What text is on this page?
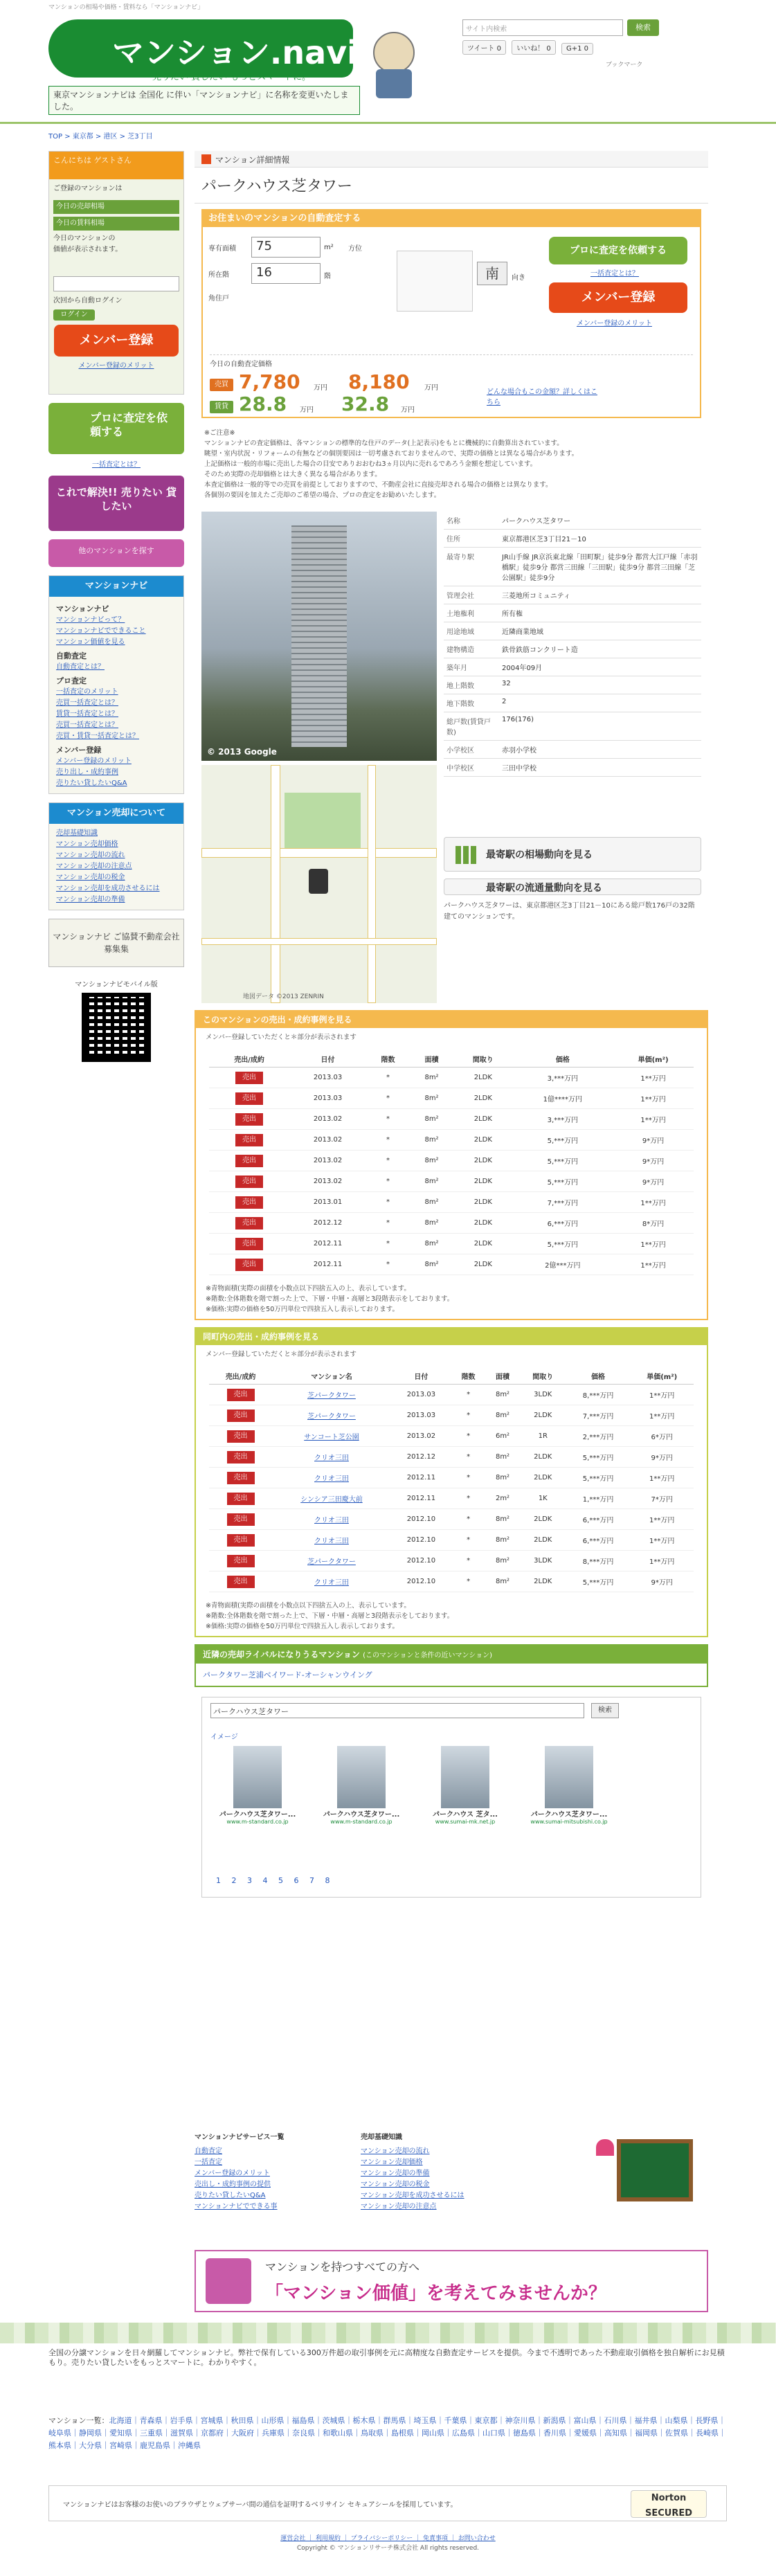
マンションの相場や価格・賃料なら「マンションナビ」
マンション.navi
売りたい 貸したい もっとスマートに。
東京マンションナビは 全国化 に伴い「マンションナビ」に名称を変更いたしました。
サイト内検索	検索
ツイート 0 いいね！ 0 G+1 0
ブックマーク
TOP > 東京都 > 港区 > 芝3丁目
こんにちは ゲストさん
ご登録のマンションは
今日の売却相場
今日の賃料相場
今日のマンションの
価値が表示されます。
次回から自動ログイン
ログイン
メンバー登録
メンバー登録のメリット
プロに査定を依頼する
一括査定とは？
これで解決!! 売りたい 貸したい
他のマンションを探す
マンションナビ
マンションナビ
マンションナビって？
マンションナビでできること
マンション価値を見る
自動査定
自動査定とは？
プロ査定
一括査定のメリット
売買一括査定とは？
賃貸一括査定とは？
売買一括査定とは？
売買・賃貸一括査定とは？
メンバー登録
メンバー登録のメリット
売り出し・成約事例
売りたい貸したいQ&A
マンション売却について
売却基礎知識
マンション売却価格
マンション売却の流れ
マンション売却の注意点
マンション売却の税金
マンション売却を成功させるには
マンション売却の準備
マンションナビ ご協賛不動産会社募集集
マンションナビモバイル版
マンション詳細情報
パークハウス芝タワー
お住まいのマンションの自動査定する
専有面積	75	m²
所在階	16	階
角住戸
方位
南	向き
プロに査定を依頼する
一括査定とは？
メンバー登録
メンバー登録のメリット
今日の自動査定価格
売買 7,780 万円 8,180 万円
賃貸 28.8 万円 32.8 万円
どんな場合もこの金額？詳しくはこちら
※ご注意※
マンションナビの査定価格は、各マンションの標準的な住戸のデータ(上記表示)をもとに機械的に自動算出されています。
眺望・室内状況・リフォームの有無などの個別要因は一切考慮されておりませんので、実際の価格とは異なる場合があります。
上記価格は一般的市場に売出した場合の目安でありおおむね3ヵ月以内に売れるであろう金額を想定しています。
そのため実際の売却価格とは大きく異なる場合があります。
本査定価格は一般的等での売買を前提としておりますので、不動産会社に直接売却される場合の価格とは異なります。
各個別の要因を加えたご売却のご希望の場合、プロの査定をお勧めいたします。
© 2013 Google
地図データ ©2013 ZENRIN
名称	パークハウス芝タワー
住所	東京都港区芝3丁目21－10
最寄り駅	JR山手線 JR京浜東北線「田町駅」徒歩9分 都営大江戸線「赤羽橋駅」徒歩9分 都営三田線「三田駅」徒歩9分 都営三田線「芝公園駅」徒歩9分
管理会社	三菱地所コミュニティ
土地権利	所有権
用途地域	近隣商業地域
建物構造	鉄骨鉄筋コンクリート造
築年月	2004年09月
地上階数	32
地下階数	2
総戸数(賃貸戸数)	176(176)
小学校区	赤羽小学校
中学校区	三田中学校
最寄駅の相場動向を見る
最寄駅の流通量動向を見る
パークハウス芝タワーは、東京都港区芝3丁目21－10にある総戸数176戸の32階建てのマンションです。
このマンションの売出・成約事例を見る
メンバー登録していただくと＊部分が表示されます
売出/成約	日付	階数	面積	間取り	価格	単価(m²)
売出	2013.03	*	8m²	2LDK	3,***万円	1**万円
売出	2013.03	*	8m²	2LDK	1億****万円	1**万円
売出	2013.02	*	8m²	2LDK	3,***万円	1**万円
売出	2013.02	*	8m²	2LDK	5,***万円	9*万円
売出	2013.02	*	8m²	2LDK	5,***万円	9*万円
売出	2013.02	*	8m²	2LDK	5,***万円	9*万円
売出	2013.01	*	8m²	2LDK	7,***万円	1**万円
売出	2012.12	*	8m²	2LDK	6,***万円	8*万円
売出	2012.11	*	8m²	2LDK	5,***万円	1**万円
売出	2012.11	*	8m²	2LDK	2億***万円	1**万円
※青物面積(実際の面積を小数点以下四捨五入の上、表示しています。
※階数:全体階数を階で割った上で、下層・中層・高層と3段階表示をしております。
※価格:実際の価格を50万円単位で四捨五入し表示しております。
同町内の売出・成約事例を見る
メンバー登録していただくと＊部分が表示されます
売出/成約	マンション名	日付	階数	面積	間取り	価格	単価(m²)
売出	芝パークタワー	2013.03	*	8m²	3LDK	8,***万円	1**万円
売出	芝パークタワー	2013.03	*	8m²	2LDK	7,***万円	1**万円
売出	サンコート芝公園	2013.02	*	6m²	1R	2,***万円	6*万円
売出	クリオ三田	2012.12	*	8m²	2LDK	5,***万円	9*万円
売出	クリオ三田	2012.11	*	8m²	2LDK	5,***万円	1**万円
売出	シンシア三田慶大前	2012.11	*	2m²	1K	1,***万円	7*万円
売出	クリオ三田	2012.10	*	8m²	2LDK	6,***万円	1**万円
売出	クリオ三田	2012.10	*	8m²	2LDK	6,***万円	1**万円
売出	芝パークタワー	2012.10	*	8m²	3LDK	8,***万円	1**万円
売出	クリオ三田	2012.10	*	8m²	2LDK	5,***万円	9*万円
※青物面積(実際の面積を小数点以下四捨五入の上、表示しています。
※階数:全体階数を階で割った上で、下層・中層・高層と3段階表示をしております。
※価格:実際の価格を50万円単位で四捨五入し表示しております。
近隣の売却ライバルになりうるマンション (このマンションと条件の近いマンション)
パークタワー芝浦ベイワード-オーシャンウイング
パークハウス芝タワー	検索
イメージ
パークハウス芝タワー...
www.m-standard.co.jp
パークハウス芝タワー...
www.m-standard.co.jp
パークハウス 芝タ...
www.sumai-mk.net.jp
パークハウス芝タワー...
www.sumai-mitsubishi.co.jp
1 2 3 4 5 6 7 8
マンションナビサービス一覧
自動査定
一括査定
メンバー登録のメリット
売出し・成約事例の提供
売りたい貸したいQ&A
マンションナビでできる事
売却基礎知識
マンション売却の流れ
マンション売却価格
マンション売却の準備
マンション売却の税金
マンション売却を成功させるには
マンション売却の注意点
マンションを持つすべての方へ
「マンション価値」を考えてみませんか？
全国の分譲マンションを日々網羅してマンションナビ。弊社で保有している300万件超の取引事例を元に高精度な自動査定サービスを提供。今まで不透明であった不動産取引価格を独自解析にお見積もり。売りたい貸したいをもっとスマートに。わかりやすく。
マンション一覧：北海道｜青森県｜岩手県｜宮城県｜秋田県｜山形県｜福島県｜茨城県｜栃木県｜群馬県｜埼玉県｜千葉県｜東京都｜神奈川県｜新潟県｜富山県｜石川県｜福井県｜山梨県｜長野県｜岐阜県｜静岡県｜愛知県｜三重県｜滋賀県｜京都府｜大阪府｜兵庫県｜奈良県｜和歌山県｜鳥取県｜島根県｜岡山県｜広島県｜山口県｜徳島県｜香川県｜愛媛県｜高知県｜福岡県｜佐賀県｜長崎県｜熊本県｜大分県｜宮崎県｜鹿児島県｜沖縄県
マンションナビはお客様のお使いのブラウザとウェブサーバ間の通信を証明するベリサイン セキュアシールを採用しています。
Norton SECURED
運営会社 ｜ 利用規約 ｜ プライバシーポリシー ｜ 免責事項 ｜ お問い合わせ
Copyright © マンションリサーチ株式会社 All rights reserved.
